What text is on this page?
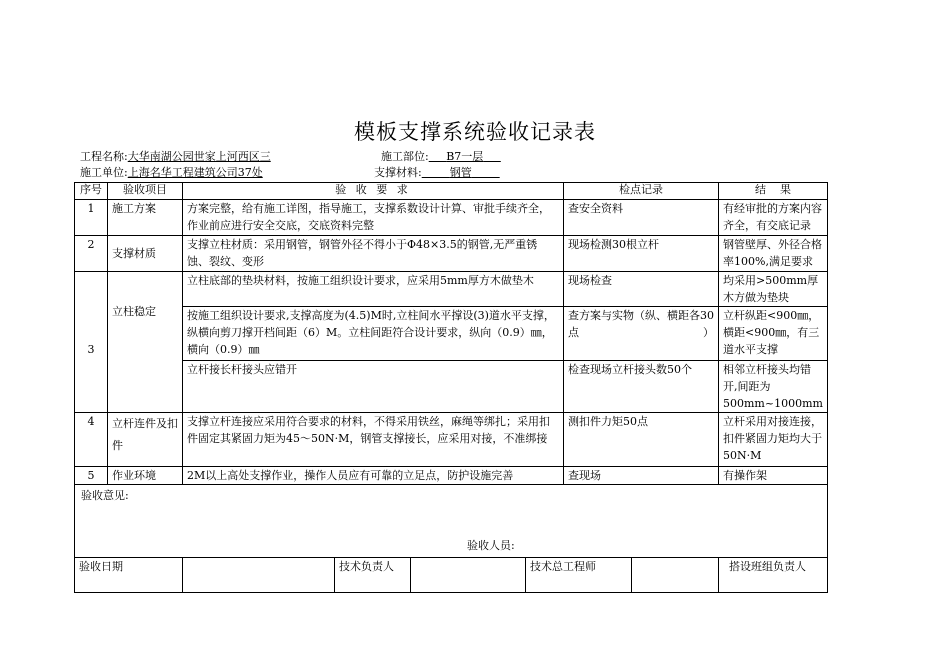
模板支撑系统验收记录表
工程名称:大华南湖公园世家上河西区三	施工部位: B7一层
施工单位:上海名华工程建筑公司37处	支撑材料:	钢管
序号	验收项目	验 收 要 求				检点记录		结    果
1	施工方案	方案完整，给有施工详图，指导施工，支撑系数设计计算、审批手续齐全，作业前应进行安全交底，交底资料完整				查安全资料		有经审批的方案内容齐全，有交底记录
2	支撑材质	支撑立柱材质：采用钢管，钢管外径不得小于Φ48×3.5的钢管,无严重锈蚀、裂纹、变形				现场检测30根立杆		钢管壁厚、外径合格率100%,满足要求
3	立柱稳定	立柱底部的垫块材料，按施工组织设计要求，应采用5mm厚方木做垫木				现场检查		均采用>500mm厚木方做为垫块
		按施工组织设计要求,支撑高度为(4.5)M时,立柱间水平撑设(3)道水平支撑，纵横向剪刀撑开档间距（6）M。立柱间距符合设计要求，纵向（0.9）㎜，横向（0.9）㎜				查方案与实物（纵、横距各30点）		立杆纵距<900㎜，横距<900㎜，有三道水平支撑
		立杆接长杆接头应错开				检查现场立杆接头数50个		相邻立杆接头均错开,间距为500mm~1000mm
4	立杆连件及扣件	支撑立杆连接应采用符合要求的材料，不得采用铁丝，麻绳等绑扎；采用扣件固定其紧固力矩为45～50N·M，钢管支撑接长，应采用对接，不准绑接				测扣件力矩50点		立杆采用对接连接，扣件紧固力矩均大于50N·M
5	作业环境	2M以上高处支撑作业，操作人员应有可靠的立足点，防护设施完善				查现场		有操作架

验收意见:
验收人员:								

验收日期			技术负责人		技术总工程师			搭设班组负责人
